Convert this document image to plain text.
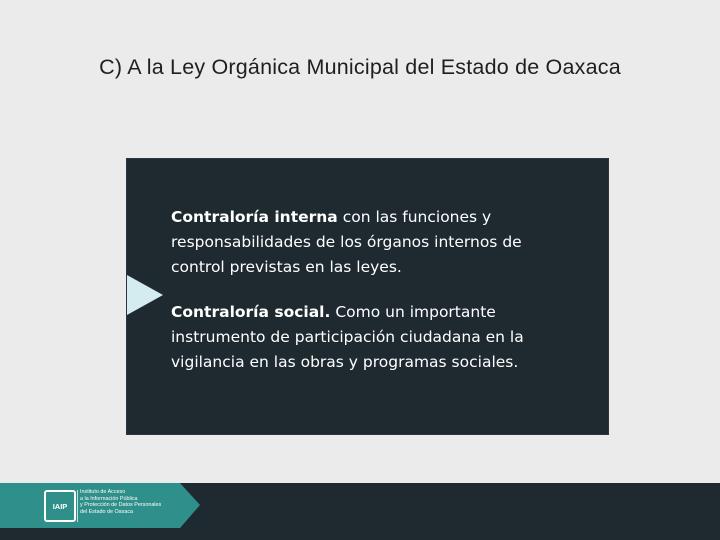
C) A la Ley Orgánica Municipal del Estado de Oaxaca

Contraloría interna con las funciones y responsabilidades de los órganos internos de control previstas en las leyes.

Contraloría social. Como un importante instrumento de participación ciudadana en la vigilancia en las obras y programas sociales.

IAIP
Instituto de Acceso
a la Información Pública
y Protección de Datos Personales
del Estado de Oaxaca
